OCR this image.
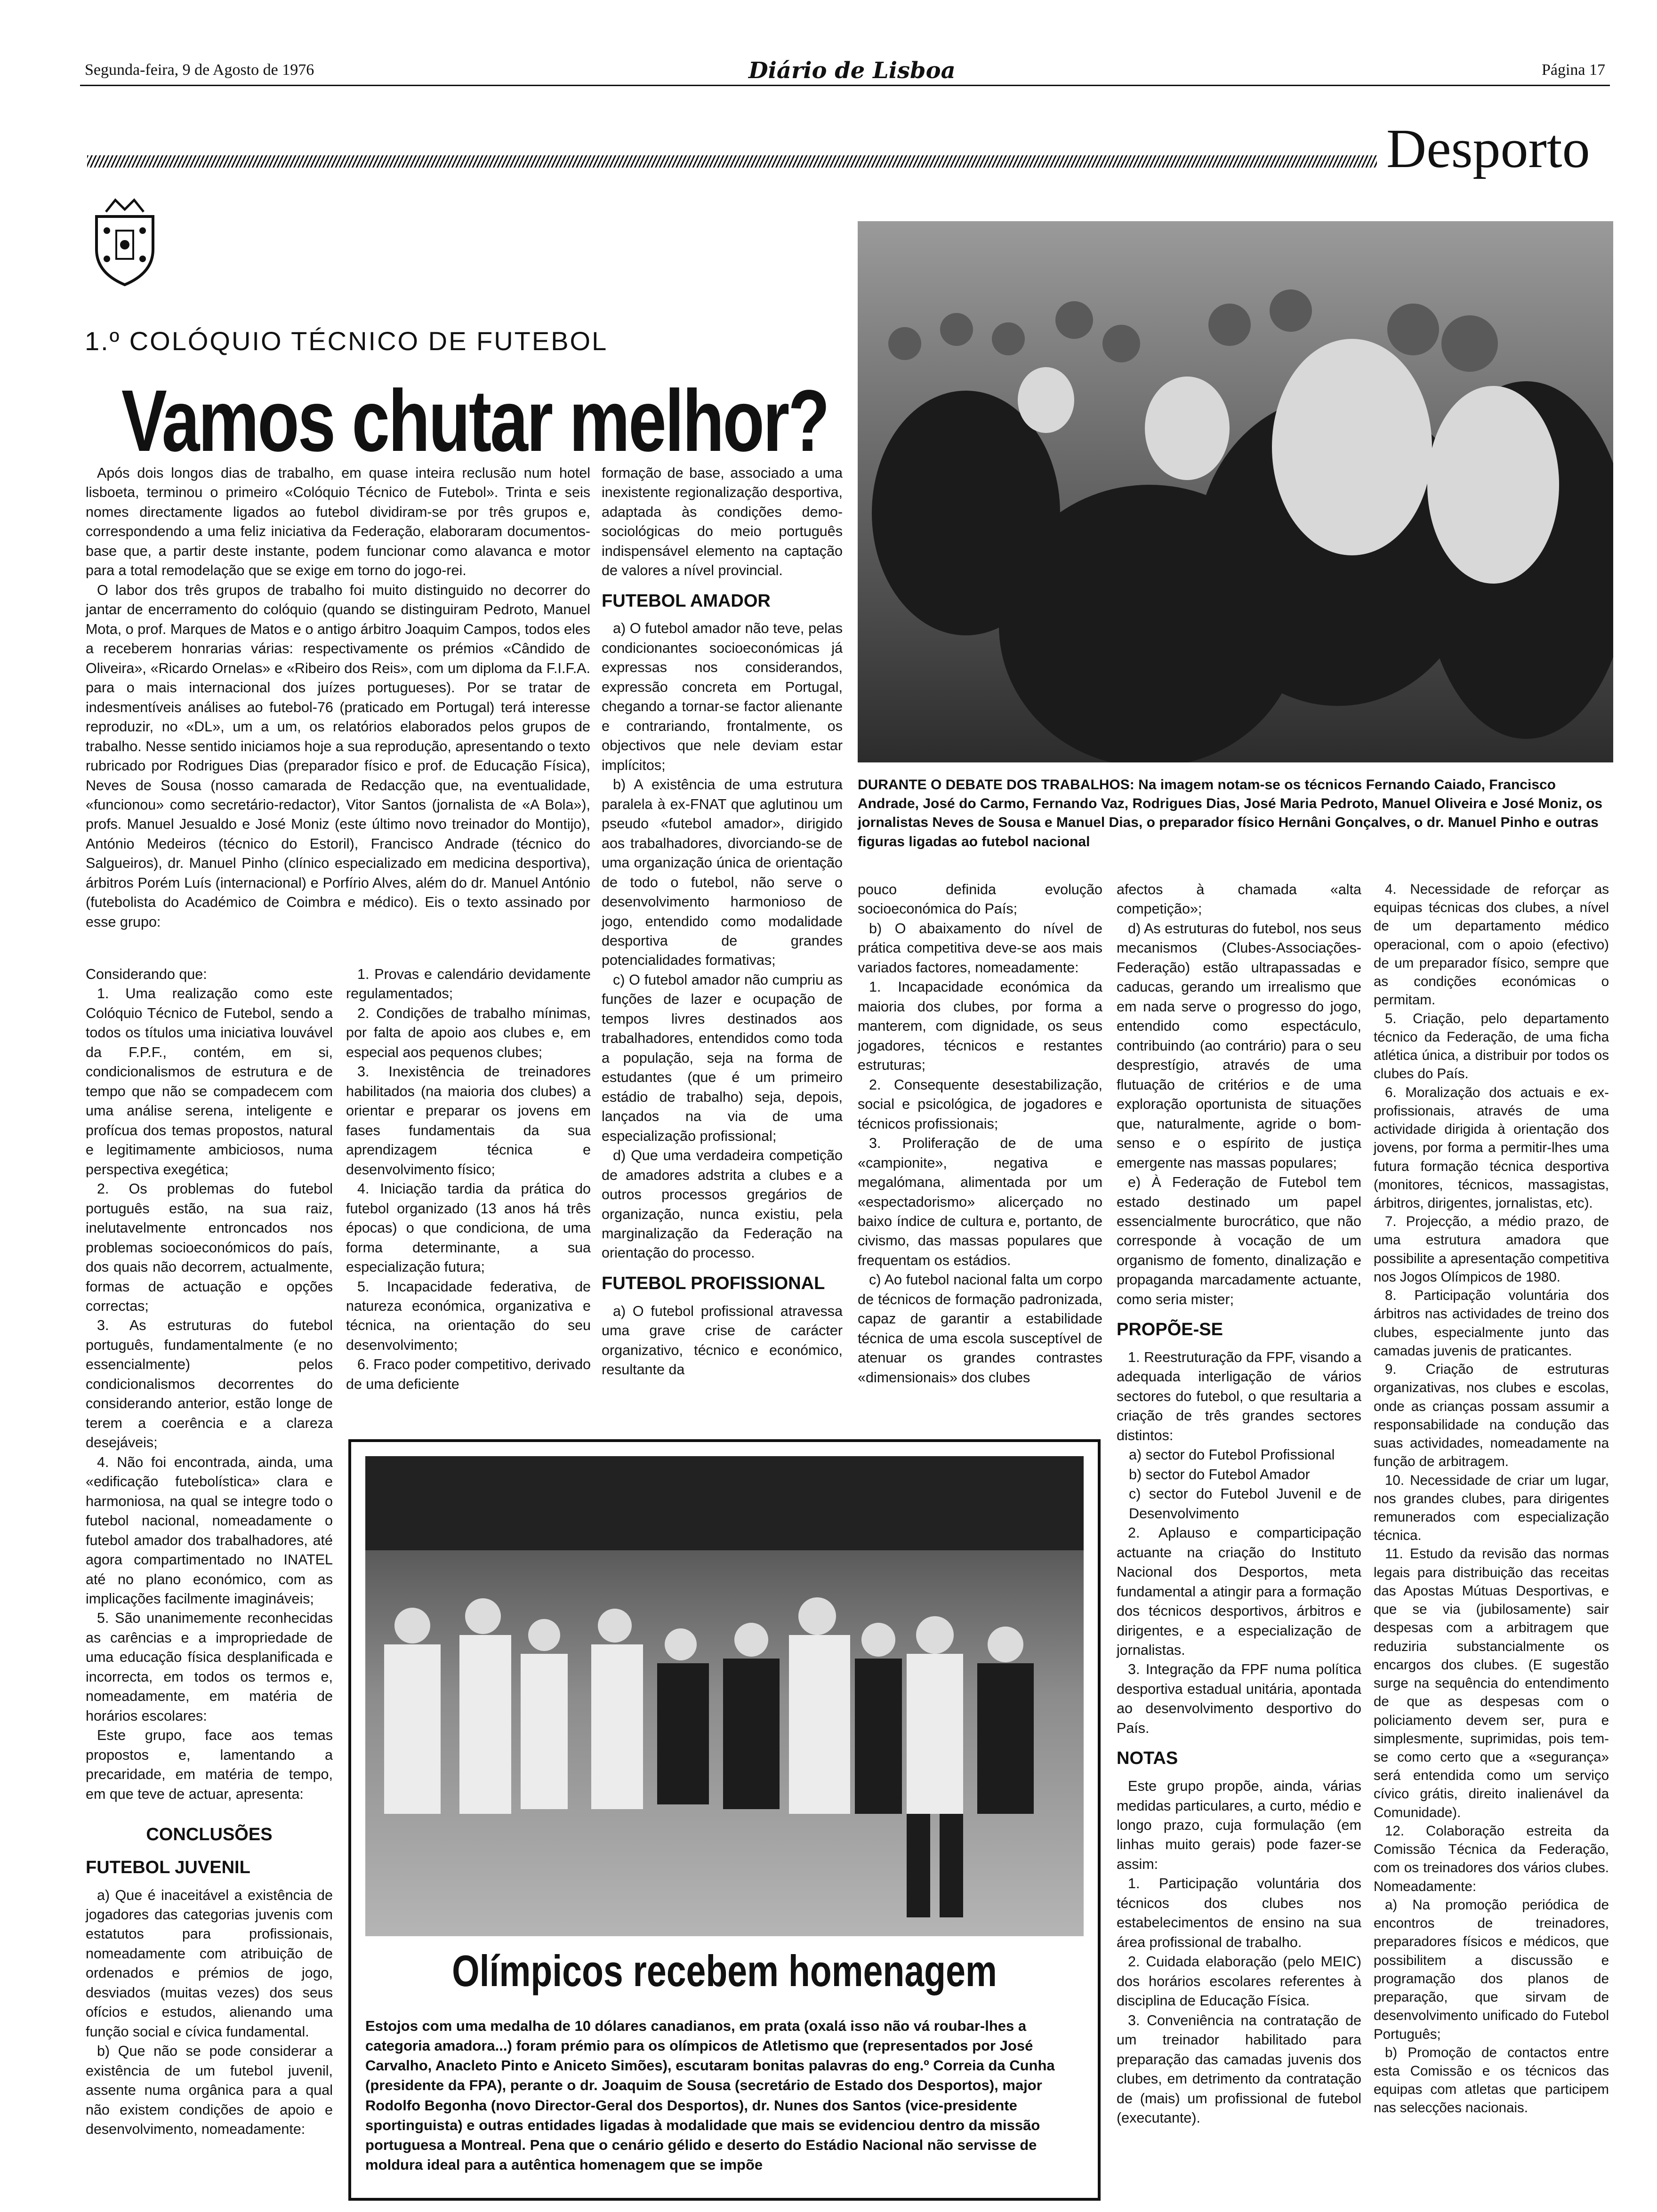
Segunda-feira, 9 de Agosto de 1976	Diário de Lisboa	Página 17
Desporto
1.º COLÓQUIO TÉCNICO DE FUTEBOL
Vamos chutar melhor?
DURANTE O DEBATE DOS TRABALHOS: Na imagem notam-se os técnicos Fernando Caiado, Francisco Andrade, José do Carmo, Fernando Vaz, Rodrigues Dias, José Maria Pedroto, Manuel Oliveira e José Moniz, os jornalistas Neves de Sousa e Manuel Dias, o preparador físico Hernâni Gonçalves, o dr. Manuel Pinho e outras figuras ligadas ao futebol nacional

Após dois longos dias de trabalho, em quase inteira reclusão num hotel lisboeta, terminou o primeiro «Colóquio Técnico de Futebol». Trinta e seis nomes directamente ligados ao futebol dividiram-se por três grupos e, correspondendo a uma feliz iniciativa da Federação, elaboraram documentos-base que, a partir deste instante, podem funcionar como alavanca e motor para a total remodelação que se exige em torno do jogo-rei.

O labor dos três grupos de trabalho foi muito distinguido no decorrer do jantar de encerramento do colóquio (quando se distinguiram Pedroto, Manuel Mota, o prof. Marques de Matos e o antigo árbitro Joaquim Campos, todos eles a receberem honrarias várias: respectivamente os prémios «Cândido de Oliveira», «Ricardo Ornelas» e «Ribeiro dos Reis», com um diploma da F.I.F.A. para o mais internacional dos juízes portugueses). Por se tratar de indesmentíveis análises ao futebol-76 (praticado em Portugal) terá interesse reproduzir, no «DL», um a um, os relatórios elaborados pelos grupos de trabalho. Nesse sentido iniciamos hoje a sua reprodução, apresentando o texto rubricado por Rodrigues Dias (preparador físico e prof. de Educação Física), Neves de Sousa (nosso camarada de Redacção que, na eventualidade, «funcionou» como secretário-redactor), Vitor Santos (jornalista de «A Bola»), profs. Manuel Jesualdo e José Moniz (este último novo treinador do Montijo), António Medeiros (técnico do Estoril), Francisco Andrade (técnico do Salgueiros), dr. Manuel Pinho (clínico especializado em medicina desportiva), árbitros Porém Luís (internacional) e Porfírio Alves, além do dr. Manuel António (futebolista do Académico de Coimbra e médico). Eis o texto assinado por esse grupo:

Considerando que:

1. Uma realização como este Colóquio Técnico de Futebol, sendo a todos os títulos uma iniciativa louvável da F.P.F., contém, em si, condicionalismos de estrutura e de tempo que não se compadecem com uma análise serena, inteligente e profícua dos temas propostos, natural e legitimamente ambiciosos, numa perspectiva exegética;

2. Os problemas do futebol português estão, na sua raiz, inelutavelmente entroncados nos problemas socioeconómicos do país, dos quais não decorrem, actualmente, formas de actuação e opções correctas;

3. As estruturas do futebol português, fundamentalmente (e no essencialmente) pelos condicionalismos decorrentes do considerando anterior, estão longe de terem a coerência e a clareza desejáveis;

4. Não foi encontrada, ainda, uma «edificação futebolística» clara e harmoniosa, na qual se integre todo o futebol nacional, nomeadamente o futebol amador dos trabalhadores, até agora compartimentado no INATEL até no plano económico, com as implicações facilmente imagináveis;

5. São unanimemente reconhecidas as carências e a impropriedade de uma educação física desplanificada e incorrecta, em todos os termos e, nomeadamente, em matéria de horários escolares:

Este grupo, face aos temas propostos e, lamentando a precaridade, em matéria de tempo, em que teve de actuar, apresenta:

CONCLUSÕES
FUTEBOL JUVENIL

a) Que é inaceitável a existência de jogadores das categorias juvenis com estatutos para profissionais, nomeadamente com atribuição de ordenados e prémios de jogo, desviados (muitas vezes) dos seus ofícios e estudos, alienando uma função social e cívica fundamental.

b) Que não se pode considerar a existência de um futebol juvenil, assente numa orgânica para a qual não existem condições de apoio e desenvolvimento, nomeadamente:

1. Provas e calendário devidamente regulamentados;

2. Condições de trabalho mínimas, por falta de apoio aos clubes e, em especial aos pequenos clubes;

3. Inexistência de treinadores habilitados (na maioria dos clubes) a orientar e preparar os jovens em fases fundamentais da sua aprendizagem técnica e desenvolvimento físico;

4. Iniciação tardia da prática do futebol organizado (13 anos há três épocas) o que condiciona, de uma forma determinante, a sua especialização futura;

5. Incapacidade federativa, de natureza económica, organizativa e técnica, na orientação do seu desenvolvimento;

6. Fraco poder competitivo, derivado de uma deficiente

formação de base, associado a uma inexistente regionalização desportiva, adaptada às condições demo-sociológicas do meio português indispensável elemento na captação de valores a nível provincial.

FUTEBOL AMADOR

a) O futebol amador não teve, pelas condicionantes socioeconómicas já expressas nos considerandos, expressão concreta em Portugal, chegando a tornar-se factor alienante e contrariando, frontalmente, os objectivos que nele deviam estar implícitos;

b) A existência de uma estrutura paralela à ex-FNAT que aglutinou um pseudo «futebol amador», dirigido aos trabalhadores, divorciando-se de uma organização única de orientação de todo o futebol, não serve o desenvolvimento harmonioso de jogo, entendido como modalidade desportiva de grandes potencialidades formativas;

c) O futebol amador não cumpriu as funções de lazer e ocupação de tempos livres destinados aos trabalhadores, entendidos como toda a população, seja na forma de estudantes (que é um primeiro estádio de trabalho) seja, depois, lançados na via de uma especialização profissional;

d) Que uma verdadeira competição de amadores adstrita a clubes e a outros processos gregários de organização, nunca existiu, pela marginalização da Federação na orientação do processo.

FUTEBOL PROFISSIONAL

a) O futebol profissional atravessa uma grave crise de carácter organizativo, técnico e económico, resultante da

pouco definida evolução socioeconómica do País;

b) O abaixamento do nível de prática competitiva deve-se aos mais variados factores, nomeadamente:

1. Incapacidade económica da maioria dos clubes, por forma a manterem, com dignidade, os seus jogadores, técnicos e restantes estruturas;

2. Consequente desestabilização, social e psicológica, de jogadores e técnicos profissionais;

3. Proliferação de de uma «campionite», negativa e megalómana, alimentada por um «espectadorismo» alicerçado no baixo índice de cultura e, portanto, de civismo, das massas populares que frequentam os estádios.

c) Ao futebol nacional falta um corpo de técnicos de formação padronizada, capaz de garantir a estabilidade técnica de uma escola susceptível de atenuar os grandes contrastes «dimensionais» dos clubes

afectos à chamada «alta competição»;

d) As estruturas do futebol, nos seus mecanismos (Clubes-Associações-Federação) estão ultrapassadas e caducas, gerando um irrealismo que em nada serve o progresso do jogo, entendido como espectáculo, contribuindo (ao contrário) para o seu desprestígio, através de uma flutuação de critérios e de uma exploração oportunista de situações que, naturalmente, agride o bom-senso e o espírito de justiça emergente nas massas populares;

e) À Federação de Futebol tem estado destinado um papel essencialmente burocrático, que não corresponde à vocação de um organismo de fomento, dinalização e propaganda marcadamente actuante, como seria mister;

PROPÕE-SE

1. Reestruturação da FPF, visando a adequada interligação de vários sectores do futebol, o que resultaria a criação de três grandes sectores distintos:

a) sector do Futebol Profissional

b) sector do Futebol Amador

c) sector do Futebol Juvenil e de Desenvolvimento

2. Aplauso e comparticipação actuante na criação do Instituto Nacional dos Desportos, meta fundamental a atingir para a formação dos técnicos desportivos, árbitros e dirigentes, e a especialização de jornalistas.

3. Integração da FPF numa política desportiva estadual unitária, apontada ao desenvolvimento desportivo do País.

NOTAS

Este grupo propõe, ainda, várias medidas particulares, a curto, médio e longo prazo, cuja formulação (em linhas muito gerais) pode fazer-se assim:

1. Participação voluntária dos técnicos dos clubes nos estabelecimentos de ensino na sua área profissional de trabalho.

2. Cuidada elaboração (pelo MEIC) dos horários escolares referentes à disciplina de Educação Física.

3. Conveniência na contratação de um treinador habilitado para preparação das camadas juvenis dos clubes, em detrimento da contratação de (mais) um profissional de futebol (executante).

4. Necessidade de reforçar as equipas técnicas dos clubes, a nível de um departamento médico operacional, com o apoio (efectivo) de um preparador físico, sempre que as condições económicas o permitam.

5. Criação, pelo departamento técnico da Federação, de uma ficha atlética única, a distribuir por todos os clubes do País.

6. Moralização dos actuais e ex-profissionais, através de uma actividade dirigida à orientação dos jovens, por forma a permitir-lhes uma futura formação técnica desportiva (monitores, técnicos, massagistas, árbitros, dirigentes, jornalistas, etc).

7. Projecção, a médio prazo, de uma estrutura amadora que possibilite a apresentação competitiva nos Jogos Olímpicos de 1980.

8. Participação voluntária dos árbitros nas actividades de treino dos clubes, especialmente junto das camadas juvenis de praticantes.

9. Criação de estruturas organizativas, nos clubes e escolas, onde as crianças possam assumir a responsabilidade na condução das suas actividades, nomeadamente na função de arbitragem.

10. Necessidade de criar um lugar, nos grandes clubes, para dirigentes remunerados com especialização técnica.

11. Estudo da revisão das normas legais para distribuição das receitas das Apostas Mútuas Desportivas, e que se via (jubilosamente) sair despesas com a arbitragem que reduziria substancialmente os encargos dos clubes. (E sugestão surge na sequência do entendimento de que as despesas com o policiamento devem ser, pura e simplesmente, suprimidas, pois tem-se como certo que a «segurança» será entendida como um serviço cívico grátis, direito inalienável da Comunidade).

12. Colaboração estreita da Comissão Técnica da Federação, com os treinadores dos vários clubes. Nomeadamente:

a) Na promoção periódica de encontros de treinadores, preparadores físicos e médicos, que possibilitem a discussão e programação dos planos de preparação, que sirvam de desenvolvimento unificado do Futebol Português;

b) Promoção de contactos entre esta Comissão e os técnicos das equipas com atletas que participem nas selecções nacionais.

Olímpicos recebem homenagem
Estojos com uma medalha de 10 dólares canadianos, em prata (oxalá isso não vá roubar-lhes a categoria amadora...) foram prémio para os olímpicos de Atletismo que (representados por José Carvalho, Anacleto Pinto e Aniceto Simões), escutaram bonitas palavras do eng.º Correia da Cunha (presidente da FPA), perante o dr. Joaquim de Sousa (secretário de Estado dos Desportos), major Rodolfo Begonha (novo Director-Geral dos Desportos), dr. Nunes dos Santos (vice-presidente sportinguista) e outras entidades ligadas à modalidade que mais se evidenciou dentro da missão portuguesa a Montreal. Pena que o cenário gélido e deserto do Estádio Nacional não servisse de moldura ideal para a autêntica homenagem que se impõe
